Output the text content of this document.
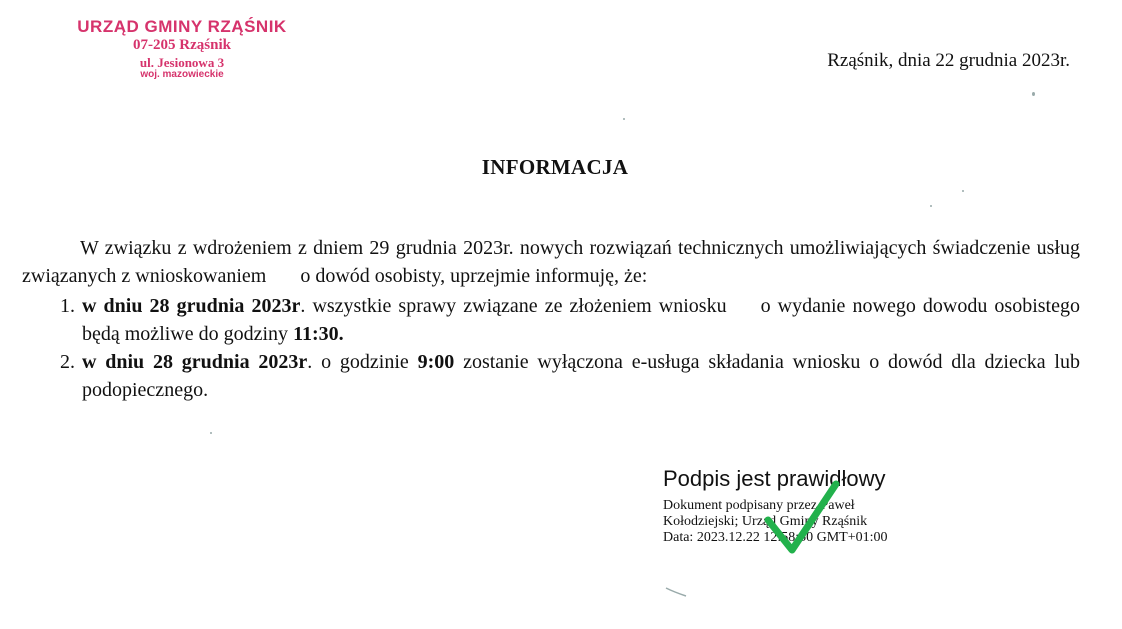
URZĄD GMINY RZĄŚNIK
07-205 Rząśnik
ul. Jesionowa 3
woj. mazowieckie
Rząśnik, dnia 22 grudnia 2023r.
INFORMACJA
W związku z wdrożeniem z dniem 29 grudnia 2023r. nowych rozwiązań technicznych umożliwiających świadczenie usług związanych z wnioskowaniem o dowód osobisty, uprzejmie informuję, że:
1. w dniu 28 grudnia 2023r. wszystkie sprawy związane ze złożeniem wniosku o wydanie nowego dowodu osobistego będą możliwe do godziny 11:30.
2. w dniu 28 grudnia 2023r. o godzinie 9:00 zostanie wyłączona e-usługa składania wniosku o dowód dla dziecka lub podopiecznego.
Podpis jest prawidłowy
Dokument podpisany przez Paweł
Kołodziejski; Urząd Gminy Rząśnik
Data: 2023.12.22 12:58:50 GMT+01:00
